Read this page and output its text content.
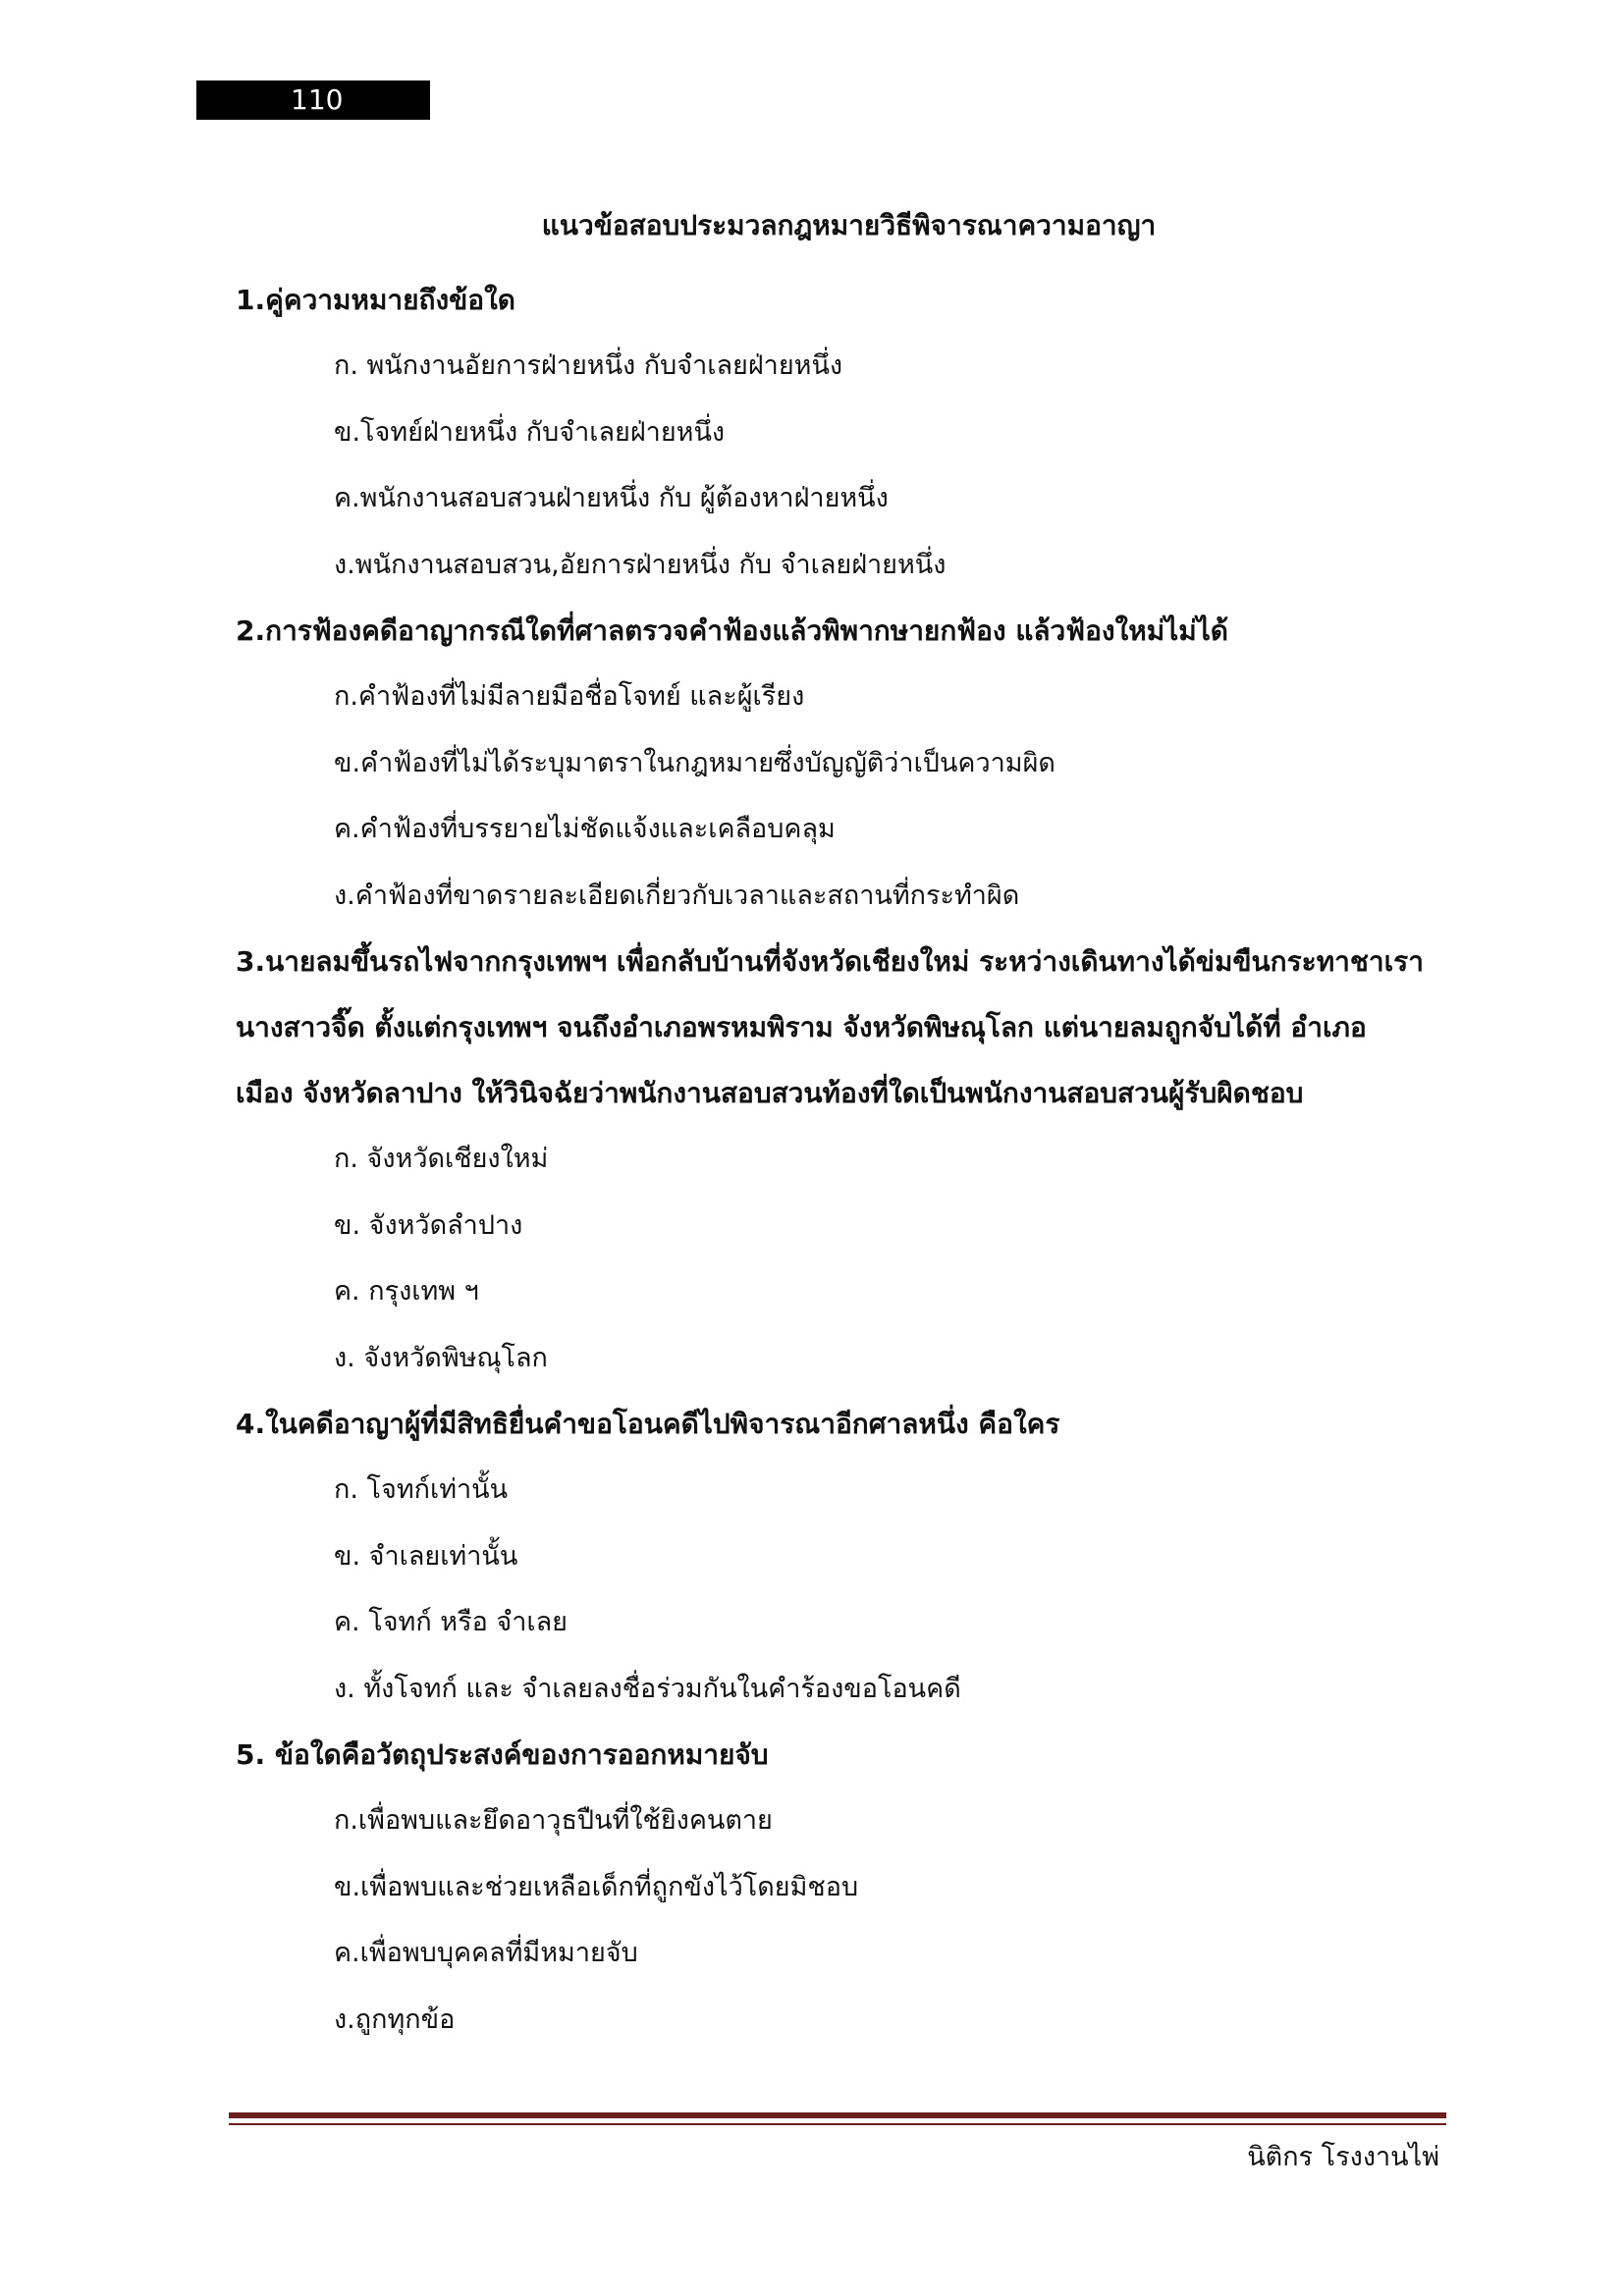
110
แนวข้อสอบประมวลกฎหมายวิธีพิจารณาความอาญา
1.คู่ความหมายถึงข้อใด
ก. พนักงานอัยการฝ่ายหนึ่ง กับจำเลยฝ่ายหนึ่ง
ข.โจทย์ฝ่ายหนึ่ง กับจำเลยฝ่ายหนึ่ง
ค.พนักงานสอบสวนฝ่ายหนึ่ง กับ ผู้ต้องหาฝ่ายหนึ่ง
ง.พนักงานสอบสวน,อัยการฝ่ายหนึ่ง กับ จำเลยฝ่ายหนึ่ง
2.การฟ้องคดีอาญากรณีใดที่ศาลตรวจคำฟ้องแล้วพิพากษายกฟ้อง แล้วฟ้องใหม่ไม่ได้
ก.คำฟ้องที่ไม่มีลายมือชื่อโจทย์ และผู้เรียง
ข.คำฟ้องที่ไม่ได้ระบุมาตราในกฎหมายซึ่งบัญญัติว่าเป็นความผิด
ค.คำฟ้องที่บรรยายไม่ชัดแจ้งและเคลือบคลุม
ง.คำฟ้องที่ขาดรายละเอียดเกี่ยวกับเวลาและสถานที่กระทำผิด
3.นายลมขึ้นรถไฟจากกรุงเทพฯ เพื่อกลับบ้านที่จังหวัดเชียงใหม่ ระหว่างเดินทางได้ข่มขืนกระทาชาเรา
นางสาวจิ๊ด ตั้งแต่กรุงเทพฯ จนถึงอำเภอพรหมพิราม จังหวัดพิษณุโลก แต่นายลมถูกจับได้ที่ อำเภอ
เมือง จังหวัดลาปาง ให้วินิจฉัยว่าพนักงานสอบสวนท้องที่ใดเป็นพนักงานสอบสวนผู้รับผิดชอบ
ก. จังหวัดเชียงใหม่
ข. จังหวัดลำปาง
ค. กรุงเทพ ฯ
ง. จังหวัดพิษณุโลก
4.ในคดีอาญาผู้ที่มีสิทธิยื่นคำขอโอนคดีไปพิจารณาอีกศาลหนึ่ง คือใคร
ก. โจทก์เท่านั้น
ข. จำเลยเท่านั้น
ค. โจทก์ หรือ จำเลย
ง. ทั้งโจทก์ และ จำเลยลงชื่อร่วมกันในคำร้องขอโอนคดี
5. ข้อใดคือวัตถุประสงค์ของการออกหมายจับ
ก.เพื่อพบและยึดอาวุธปืนที่ใช้ยิงคนตาย
ข.เพื่อพบและช่วยเหลือเด็กที่ถูกขังไว้โดยมิชอบ
ค.เพื่อพบบุคคลที่มีหมายจับ
ง.ถูกทุกข้อ
นิติกร โรงงานไพ่
